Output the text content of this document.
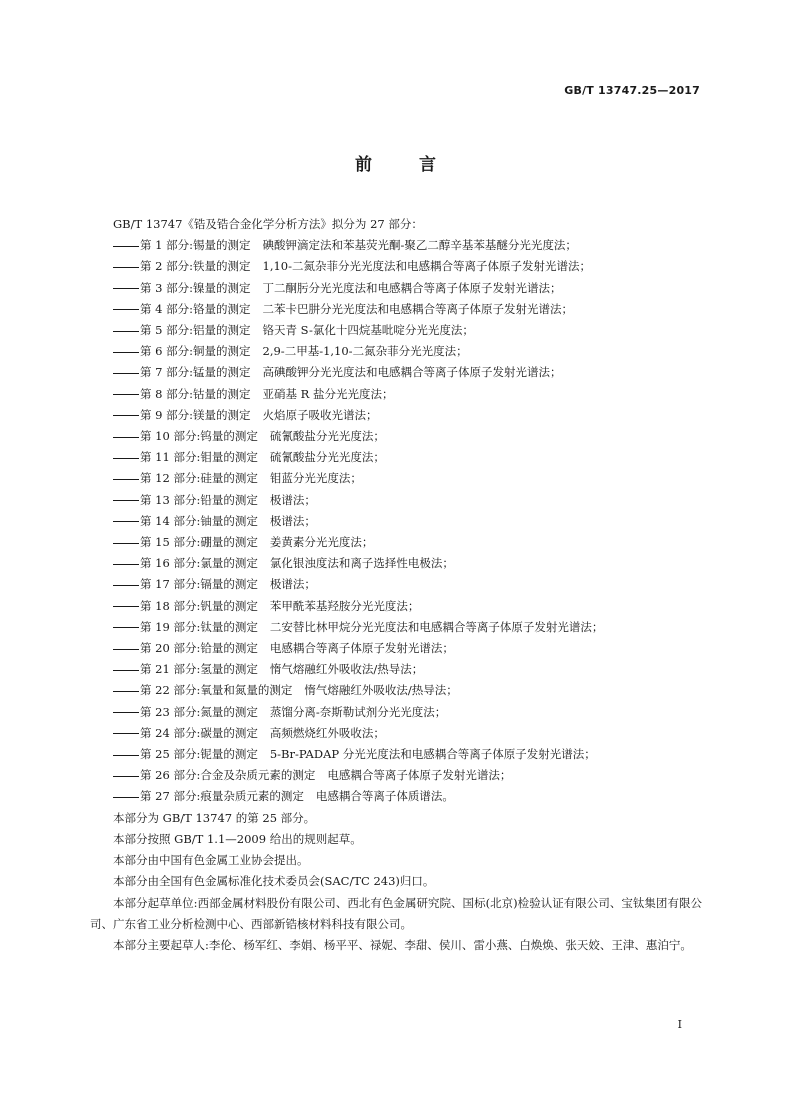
GB/T 13747.25—2017

前	言

GB/T 13747《锆及锆合金化学分析方法》拟分为 27 部分：

第 1 部分:锡量的测定 碘酸钾滴定法和苯基荧光酮-聚乙二醇辛基苯基醚分光光度法；

第 2 部分:铁量的测定 1,10-二氮杂菲分光光度法和电感耦合等离子体原子发射光谱法；

第 3 部分:镍量的测定 丁二酮肟分光光度法和电感耦合等离子体原子发射光谱法；

第 4 部分:铬量的测定 二苯卡巴肼分光光度法和电感耦合等离子体原子发射光谱法；

第 5 部分:铝量的测定 铬天青 S-氯化十四烷基吡啶分光光度法；

第 6 部分:铜量的测定 2,9-二甲基-1,10-二氮杂菲分光光度法；

第 7 部分:锰量的测定 高碘酸钾分光光度法和电感耦合等离子体原子发射光谱法；

第 8 部分:钴量的测定 亚硝基 R 盐分光光度法；

第 9 部分:镁量的测定 火焰原子吸收光谱法；

第 10 部分:钨量的测定 硫氰酸盐分光光度法；

第 11 部分:钼量的测定 硫氰酸盐分光光度法；

第 12 部分:硅量的测定 钼蓝分光光度法；

第 13 部分:铅量的测定 极谱法；

第 14 部分:铀量的测定 极谱法；

第 15 部分:硼量的测定 姜黄素分光光度法；

第 16 部分:氯量的测定 氯化银浊度法和离子选择性电极法；

第 17 部分:镉量的测定 极谱法；

第 18 部分:钒量的测定 苯甲酰苯基羟胺分光光度法；

第 19 部分:钛量的测定 二安替比林甲烷分光光度法和电感耦合等离子体原子发射光谱法；

第 20 部分:铪量的测定 电感耦合等离子体原子发射光谱法；

第 21 部分:氢量的测定 惰气熔融红外吸收法/热导法；

第 22 部分:氧量和氮量的测定 惰气熔融红外吸收法/热导法；

第 23 部分:氮量的测定 蒸馏分离-奈斯勒试剂分光光度法；

第 24 部分:碳量的测定 高频燃烧红外吸收法；

第 25 部分:铌量的测定 5-Br-PADAP 分光光度法和电感耦合等离子体原子发射光谱法；

第 26 部分:合金及杂质元素的测定 电感耦合等离子体原子发射光谱法；

第 27 部分:痕量杂质元素的测定 电感耦合等离子体质谱法。

本部分为 GB/T 13747 的第 25 部分。

本部分按照 GB/T 1.1—2009 给出的规则起草。

本部分由中国有色金属工业协会提出。

本部分由全国有色金属标准化技术委员会(SAC/TC 243)归口。

本部分起草单位:西部金属材料股份有限公司、西北有色金属研究院、国标(北京)检验认证有限公司、宝钛集团有限公司、广东省工业分析检测中心、西部新锆核材料科技有限公司。

本部分主要起草人:李伦、杨军红、李娟、杨平平、禄妮、李甜、侯川、雷小燕、白焕焕、张天姣、王津、惠泊宁。

I
